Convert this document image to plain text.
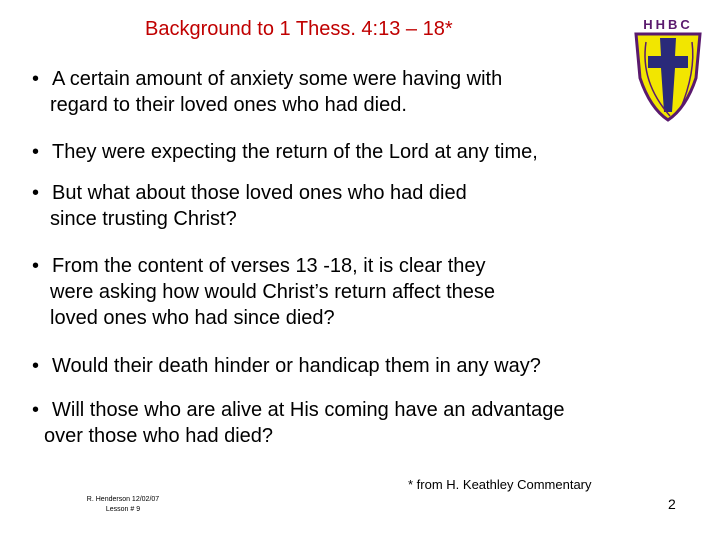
Background to 1 Thess. 4:13 – 18*	HHBC
• A certain amount of anxiety some were having with
regard to their loved ones who had died.
• They were expecting the return of the Lord at any time,
• But what about those loved ones who had died
since trusting Christ?
• From the content of verses 13 -18, it is clear they
were asking how would Christ’s return affect these
loved ones who had since died?
• Would their death hinder or handicap them in any way?
• Will those who are alive at His coming have an advantage
over those who had died?
* from H. Keathley Commentary
R. Henderson 12/02/07
Lesson # 9	2
